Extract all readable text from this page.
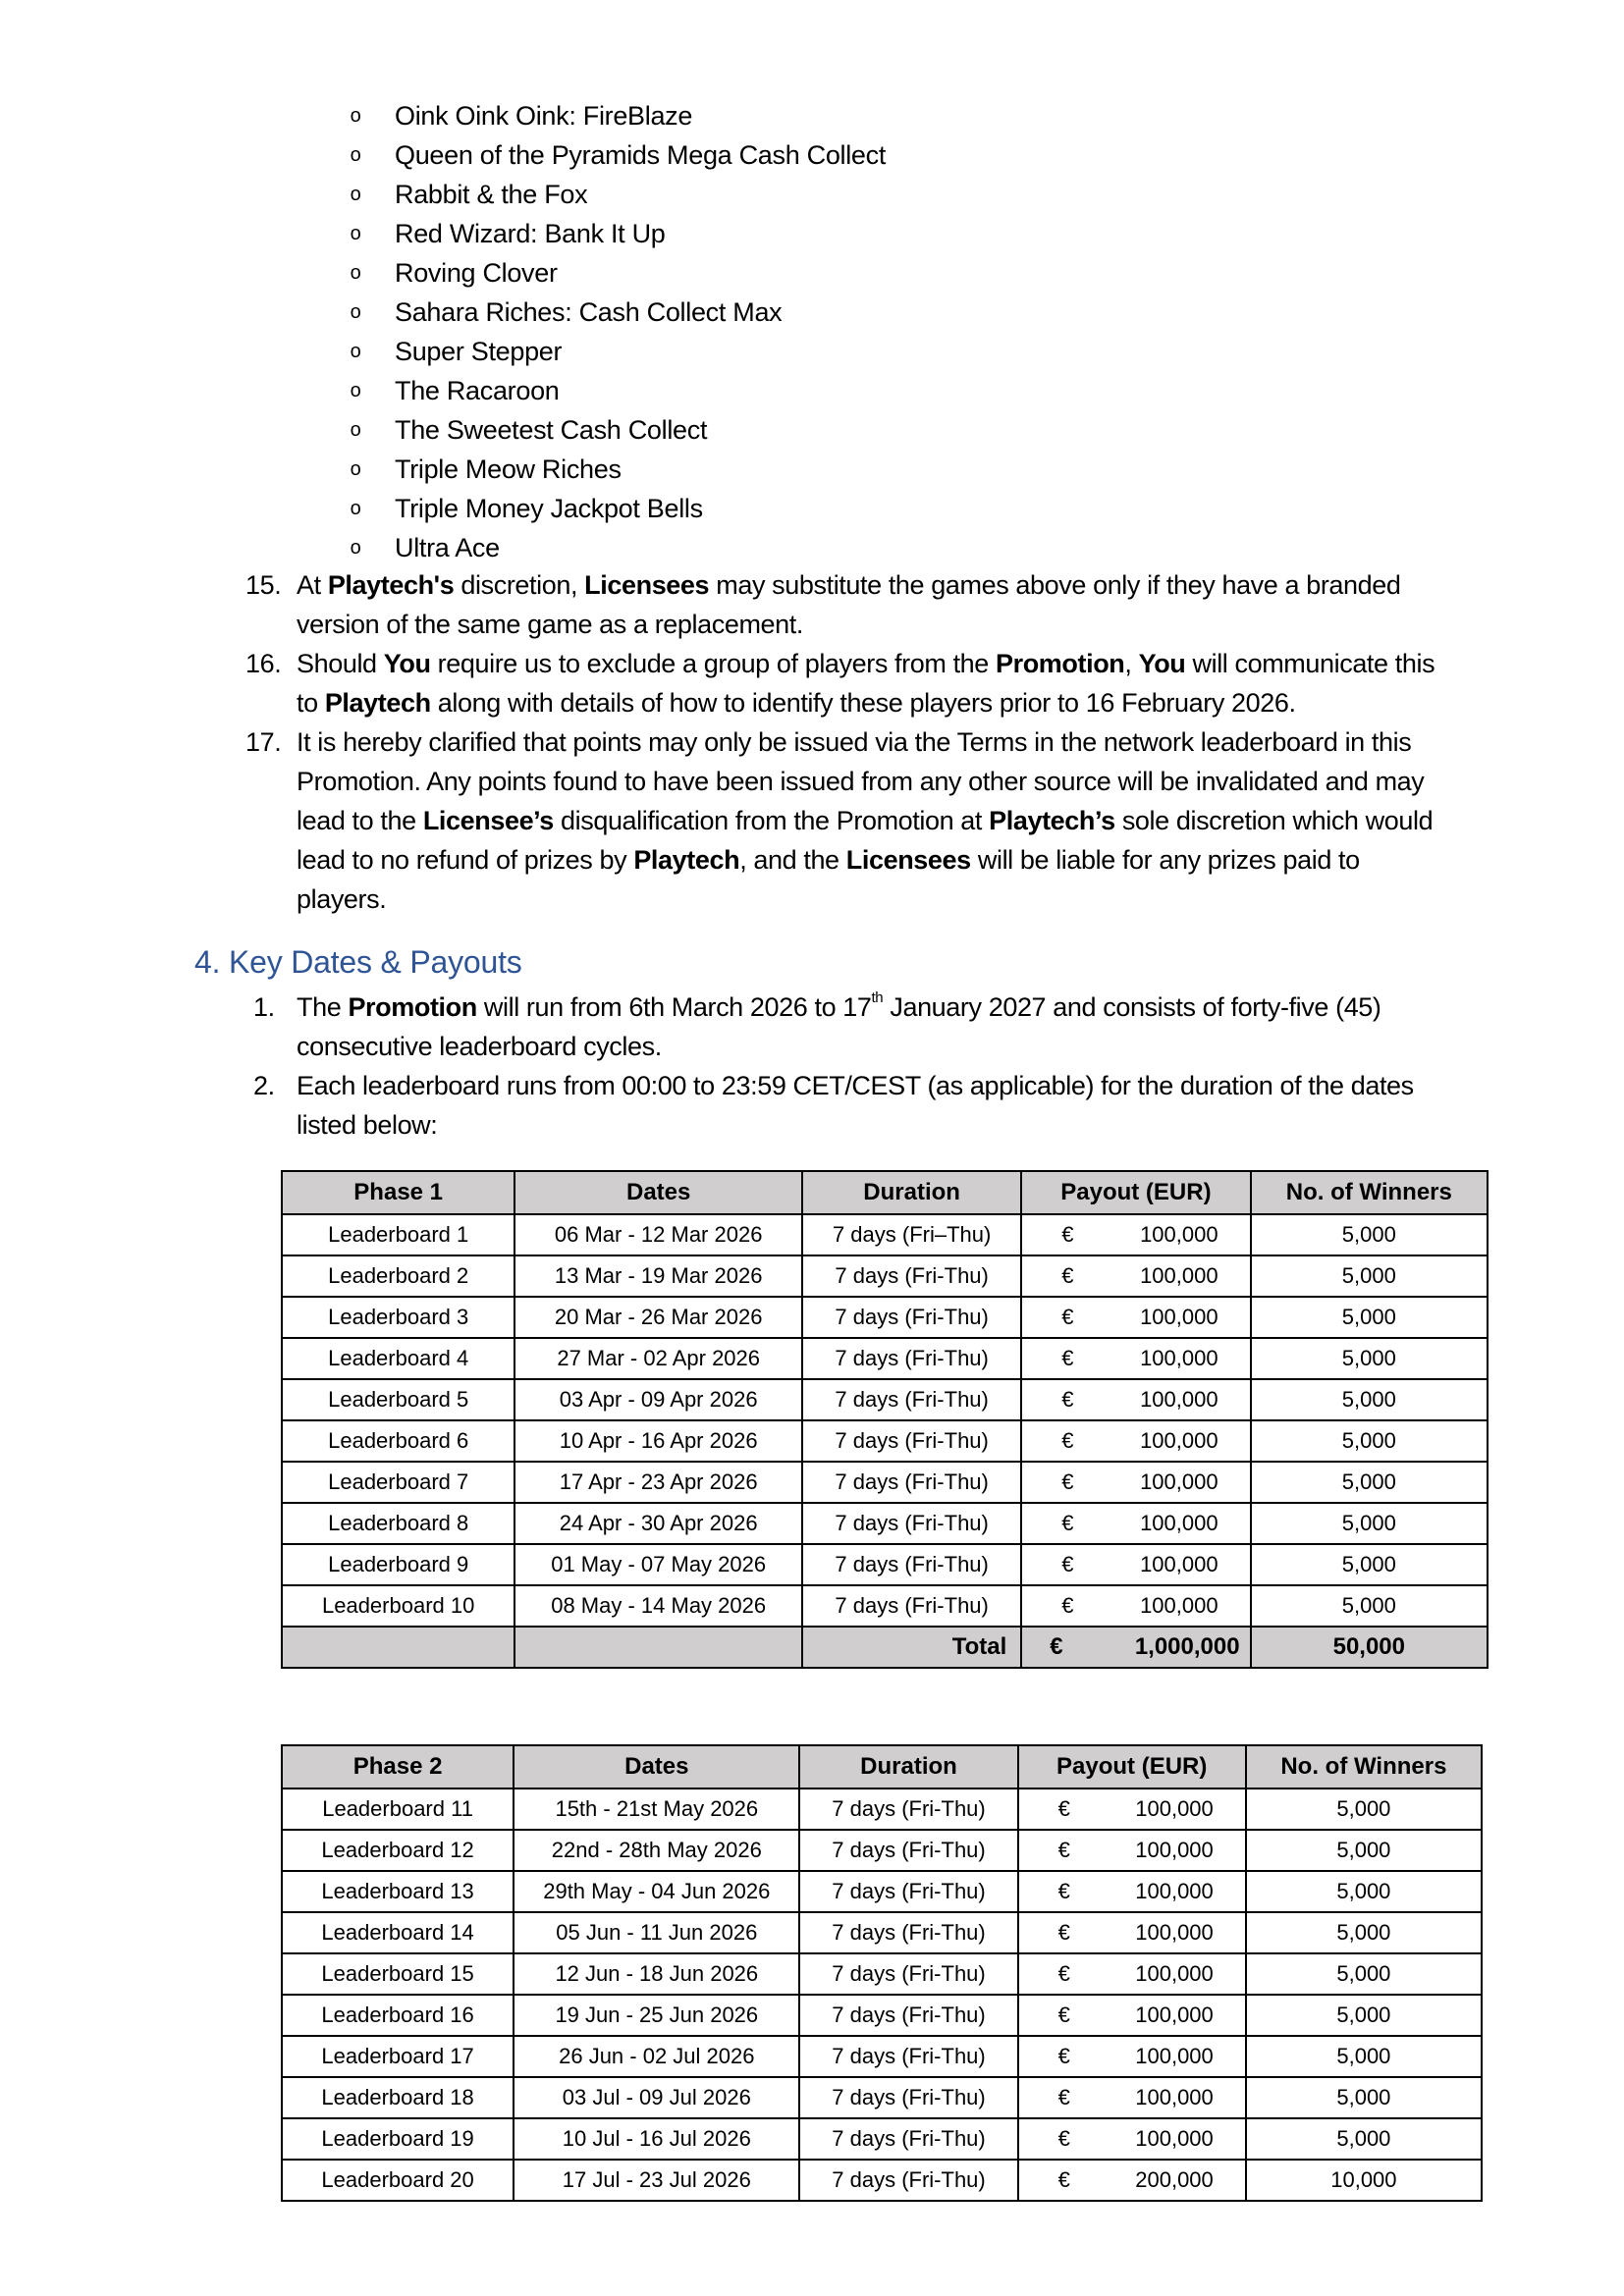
o Oink Oink Oink: FireBlaze
o Queen of the Pyramids Mega Cash Collect
o Rabbit & the Fox
o Red Wizard: Bank It Up
o Roving Clover
o Sahara Riches: Cash Collect Max
o Super Stepper
o The Racaroon
o The Sweetest Cash Collect
o Triple Meow Riches
o Triple Money Jackpot Bells
o Ultra Ace
15. At Playtech's discretion, Licensees may substitute the games above only if they have a branded version of the same game as a replacement.
16. Should You require us to exclude a group of players from the Promotion, You will communicate this to Playtech along with details of how to identify these players prior to 16 February 2026.
17. It is hereby clarified that points may only be issued via the Terms in the network leaderboard in this Promotion. Any points found to have been issued from any other source will be invalidated and may lead to the Licensee’s disqualification from the Promotion at Playtech’s sole discretion which would lead to no refund of prizes by Playtech, and the Licensees will be liable for any prizes paid to players.
4. Key Dates & Payouts
1. The Promotion will run from 6th March 2026 to 17th January 2027 and consists of forty-five (45) consecutive leaderboard cycles.
2. Each leaderboard runs from 00:00 to 23:59 CET/CEST (as applicable) for the duration of the dates listed below:
Phase 1	Dates	Duration	Payout (EUR)	No. of Winners
Leaderboard 1	06 Mar - 12 Mar 2026	7 days (Fri–Thu)	€ 100,000	5,000
Leaderboard 2	13 Mar - 19 Mar 2026	7 days (Fri-Thu)	€ 100,000	5,000
Leaderboard 3	20 Mar - 26 Mar 2026	7 days (Fri-Thu)	€ 100,000	5,000
Leaderboard 4	27 Mar - 02 Apr 2026	7 days (Fri-Thu)	€ 100,000	5,000
Leaderboard 5	03 Apr - 09 Apr 2026	7 days (Fri-Thu)	€ 100,000	5,000
Leaderboard 6	10 Apr - 16 Apr 2026	7 days (Fri-Thu)	€ 100,000	5,000
Leaderboard 7	17 Apr - 23 Apr 2026	7 days (Fri-Thu)	€ 100,000	5,000
Leaderboard 8	24 Apr - 30 Apr 2026	7 days (Fri-Thu)	€ 100,000	5,000
Leaderboard 9	01 May - 07 May 2026	7 days (Fri-Thu)	€ 100,000	5,000
Leaderboard 10	08 May - 14 May 2026	7 days (Fri-Thu)	€ 100,000	5,000
		Total	€ 1,000,000	50,000
Phase 2	Dates	Duration	Payout (EUR)	No. of Winners
Leaderboard 11	15th - 21st May 2026	7 days (Fri-Thu)	€ 100,000	5,000
Leaderboard 12	22nd - 28th May 2026	7 days (Fri-Thu)	€ 100,000	5,000
Leaderboard 13	29th May - 04 Jun 2026	7 days (Fri-Thu)	€ 100,000	5,000
Leaderboard 14	05 Jun - 11 Jun 2026	7 days (Fri-Thu)	€ 100,000	5,000
Leaderboard 15	12 Jun - 18 Jun 2026	7 days (Fri-Thu)	€ 100,000	5,000
Leaderboard 16	19 Jun - 25 Jun 2026	7 days (Fri-Thu)	€ 100,000	5,000
Leaderboard 17	26 Jun - 02 Jul 2026	7 days (Fri-Thu)	€ 100,000	5,000
Leaderboard 18	03 Jul - 09 Jul 2026	7 days (Fri-Thu)	€ 100,000	5,000
Leaderboard 19	10 Jul - 16 Jul 2026	7 days (Fri-Thu)	€ 100,000	5,000
Leaderboard 20	17 Jul - 23 Jul 2026	7 days (Fri-Thu)	€ 200,000	10,000
